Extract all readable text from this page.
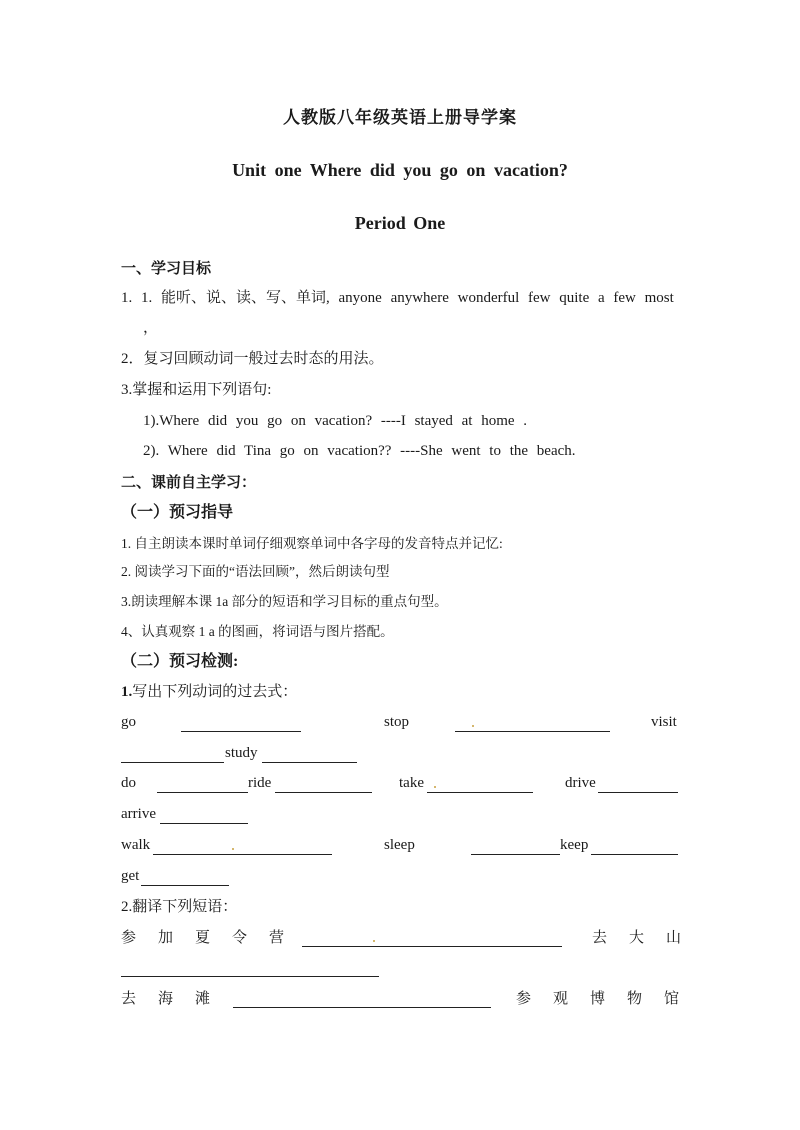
人教版八年级英语上册导学案
Unit one Where did you go on vacation?
Period One
一、学习目标
1. 1. 能听、说、读、写、单词, anyone anywhere wonderful few quite a few most
，
2．复习回顾动词一般过去时态的用法。
3.掌握和运用下列语句:
1).Where did you go on vacation? ----I stayed at home .
2). Where did Tina go on vacation?? ----She went to the beach.
二、课前自主学习：
（一）预习指导
1. 自主朗读本课时单词仔细观察单词中各字母的发音特点并记忆:
2. 阅读学习下面的“语法回顾”，然后朗读句型
3.朗读理解本课 1a 部分的短语和学习目标的重点句型。
4、认真观察 1 a 的图画，将词语与图片搭配。
（二）预习检测:
1.写出下列动词的过去式：
go	stop	visit
study
do	ride	take	drive
arrive
walk	sleep	keep
get
2.翻译下列短语：
参加夏令营	去大山
去海滩	参观博物馆
